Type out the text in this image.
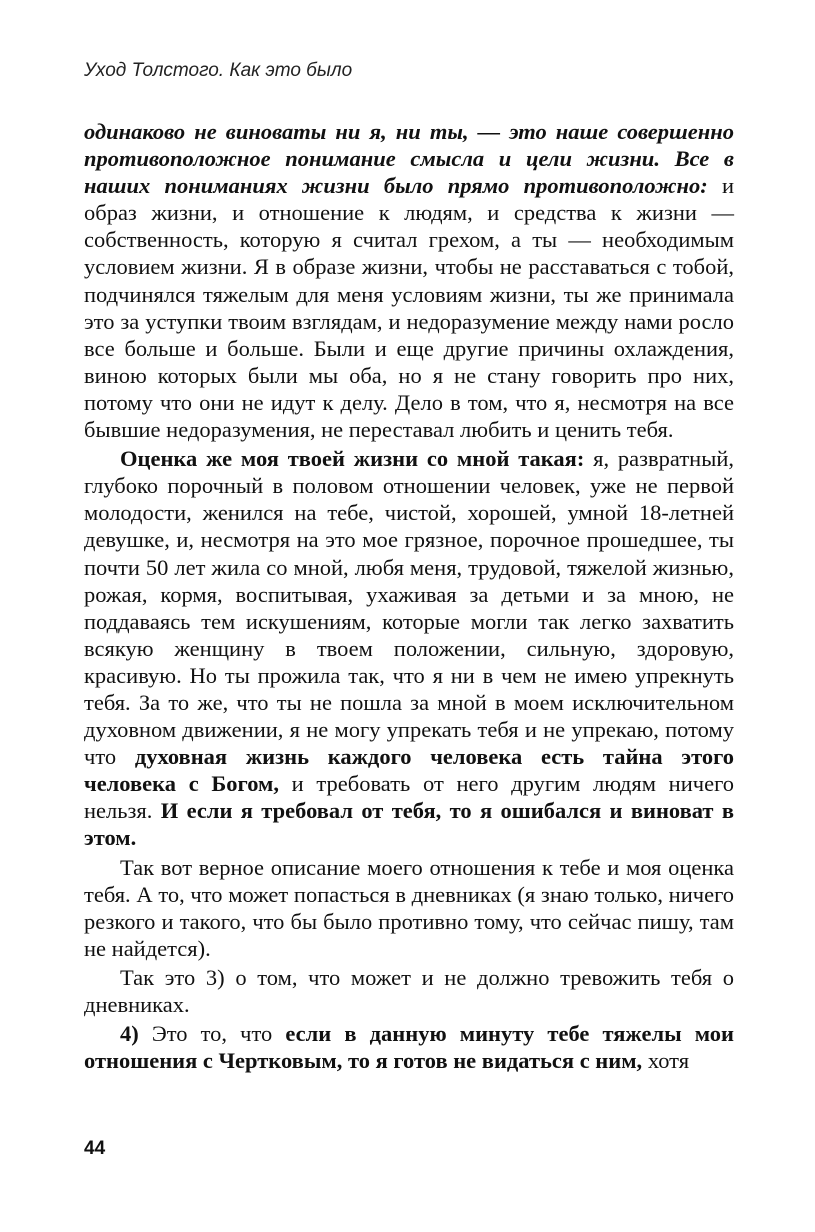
Уход Толстого. Как это было

одинаково не виноваты ни я, ни ты, — это наше совершенно противоположное понимание смысла и цели жизни. Все в наших пониманиях жизни было прямо противоположно: и образ жизни, и отношение к людям, и средства к жизни — собственность, которую я считал грехом, а ты — необходимым условием жизни. Я в образе жизни, чтобы не расставаться с тобой, подчинялся тяжелым для меня условиям жизни, ты же принимала это за уступки твоим взглядам, и недоразумение между нами росло все больше и больше. Были и еще другие причины охлаждения, виною которых были мы оба, но я не стану говорить про них, потому что они не идут к делу. Дело в том, что я, несмотря на все бывшие недоразумения, не переставал любить и ценить тебя.

Оценка же моя твоей жизни со мной такая: я, развратный, глубоко порочный в половом отношении человек, уже не первой молодости, женился на тебе, чистой, хорошей, умной 18-летней девушке, и, несмотря на это мое грязное, порочное прошедшее, ты почти 50 лет жила со мной, любя меня, трудовой, тяжелой жизнью, рожая, кормя, воспитывая, ухаживая за детьми и за мною, не поддаваясь тем искушениям, которые могли так легко захватить всякую женщину в твоем положении, сильную, здоровую, красивую. Но ты прожила так, что я ни в чем не имею упрекнуть тебя. За то же, что ты не пошла за мной в моем исключительном духовном движении, я не могу упрекать тебя и не упрекаю, потому что духовная жизнь каждого человека есть тайна этого человека с Богом, и требовать от него другим людям ничего нельзя. И если я требовал от тебя, то я ошибался и виноват в этом.

Так вот верное описание моего отношения к тебе и моя оценка тебя. А то, что может попасться в дневниках (я знаю только, ничего резкого и такого, что бы было противно тому, что сейчас пишу, там не найдется).

Так это 3) о том, что может и не должно тревожить тебя о дневниках.

4) Это то, что если в данную минуту тебе тяжелы мои отношения с Чертковым, то я готов не видаться с ним, хотя

44
